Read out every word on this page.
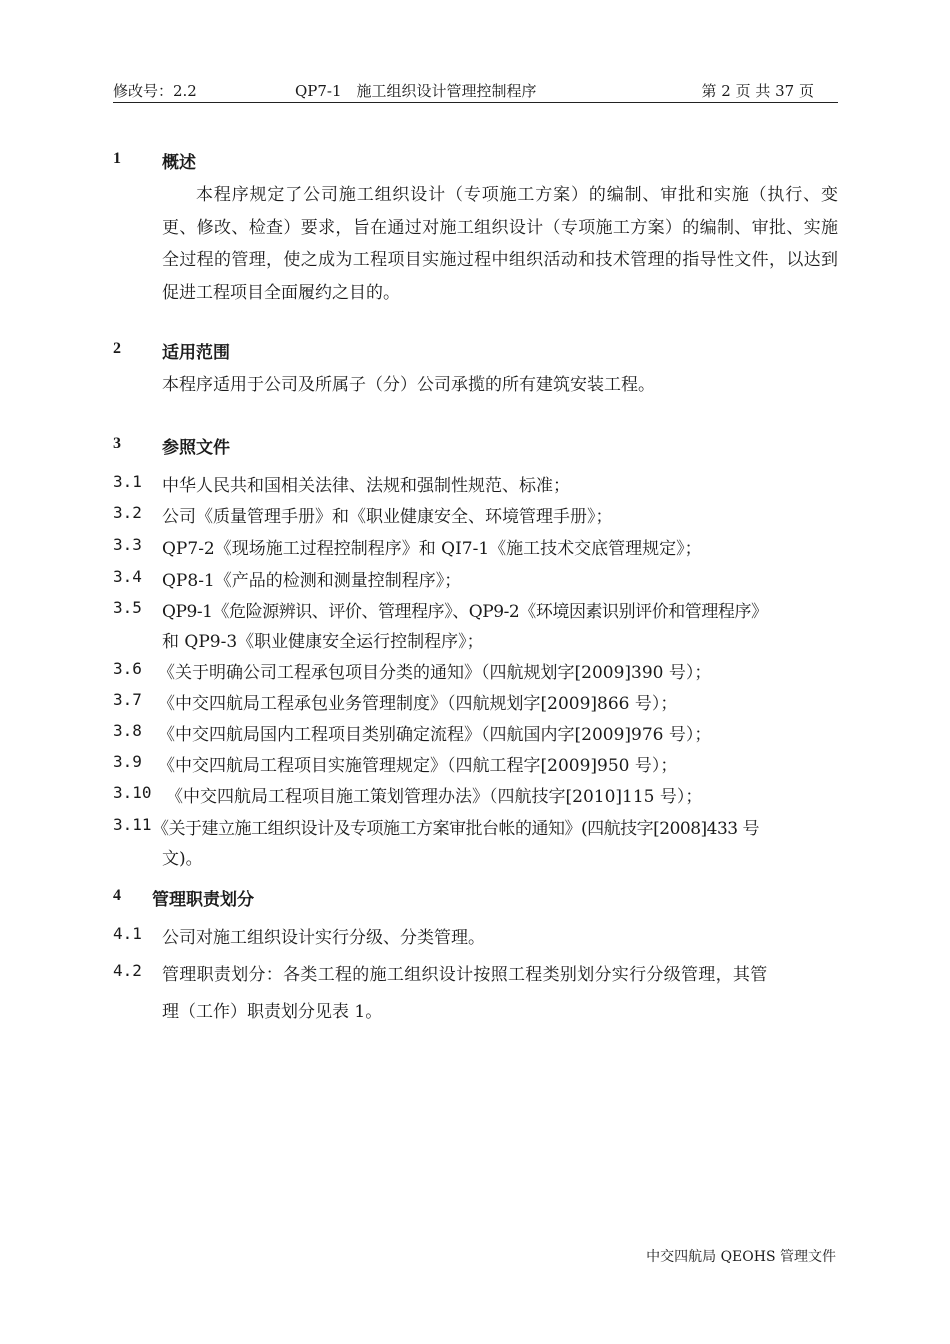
修改号：2.2	QP7-1　施工组织设计管理控制程序	第 2 页 共 37 页
1 概述

本程序规定了公司施工组织设计（专项施工方案）的编制、审批和实施（执行、变更、修改、检查）要求，旨在通过对施工组织设计（专项施工方案）的编制、审批、实施全过程的管理，使之成为工程项目实施过程中组织活动和技术管理的指导性文件，以达到促进工程项目全面履约之目的。

2 适用范围

本程序适用于公司及所属子（分）公司承揽的所有建筑安装工程。

3 参照文件
3.1 中华人民共和国相关法律、法规和强制性规范、标准；
3.2 公司《质量管理手册》和《职业健康安全、环境管理手册》；
3.3 QP7-2《现场施工过程控制程序》和 QI7-1《施工技术交底管理规定》；
3.4 QP8-1《产品的检测和测量控制程序》；
3.5 QP9-1《危险源辨识、评价、管理程序》、QP9-2《环境因素识别评价和管理程序》
和 QP9-3《职业健康安全运行控制程序》；
3.6 《关于明确公司工程承包项目分类的通知》（四航规划字[2009]390 号）；
3.7 《中交四航局工程承包业务管理制度》（四航规划字[2009]866 号）；
3.8 《中交四航局国内工程项目类别确定流程》（四航国内字[2009]976 号）；
3.9 《中交四航局工程项目实施管理规定》（四航工程字[2009]950 号）；
3.10 《中交四航局工程项目施工策划管理办法》（四航技字[2010]115 号）；
3.11 《关于建立施工组织设计及专项施工方案审批台帐的通知》(四航技字[2008]433 号
文)。
4 管理职责划分
4.1 公司对施工组织设计实行分级、分类管理。
4.2 管理职责划分：各类工程的施工组织设计按照工程类别划分实行分级管理，其管
理（工作）职责划分见表 1。
中交四航局 QEOHS 管理文件
